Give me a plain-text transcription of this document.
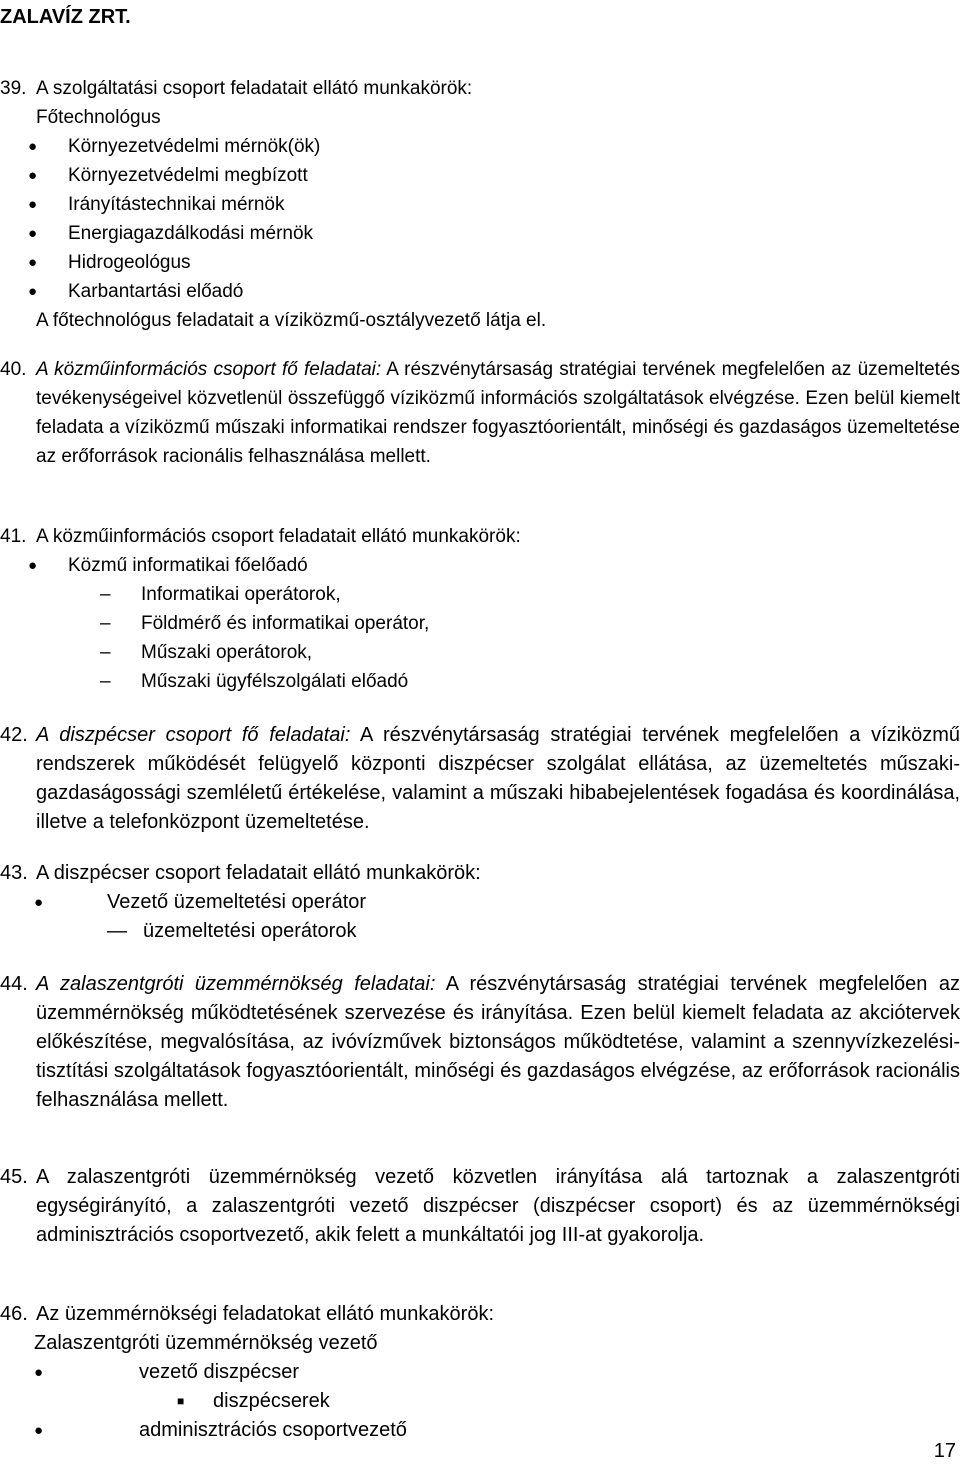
ZALAVÍZ ZRT.
39. A szolgáltatási csoport feladatait ellátó munkakörök:
Főtechnológus
● Környezetvédelmi mérnök(ök)
● Környezetvédelmi megbízott
● Irányítástechnikai mérnök
● Energiagazdálkodási mérnök
● Hidrogeológus
● Karbantartási előadó
A főtechnológus feladatait a víziközmű-osztályvezető látja el.
40. A közműinformációs csoport fő feladatai: A részvénytársaság stratégiai tervének megfelelően az üzemeltetés tevékenységeivel közvetlenül összefüggő víziközmű információs szolgáltatások elvégzése. Ezen belül kiemelt feladata a víziközmű műszaki informatikai rendszer fogyasztóorientált, minőségi és gazdaságos üzemeltetése az erőforrások racionális felhasználása mellett.
41. A közműinformációs csoport feladatait ellátó munkakörök:
● Közmű informatikai főelőadó
– Informatikai operátorok,
– Földmérő és informatikai operátor,
– Műszaki operátorok,
– Műszaki ügyfélszolgálati előadó
42. A diszpécser csoport fő feladatai: A részvénytársaság stratégiai tervének megfelelően a víziközmű rendszerek működését felügyelő központi diszpécser szolgálat ellátása, az üzemeltetés műszaki-gazdaságossági szemléletű értékelése, valamint a műszaki hibabejelentések fogadása és koordinálása, illetve a telefonközpont üzemeltetése.
43. A diszpécser csoport feladatait ellátó munkakörök:
●	Vezető üzemeltetési operátor
— üzemeltetési operátorok
44. A zalaszentgróti üzemmérnökség feladatai: A részvénytársaság stratégiai tervének megfelelően az üzemmérnökség működtetésének szervezése és irányítása. Ezen belül kiemelt feladata az akciótervek előkészítése, megvalósítása, az ivóvízművek biztonságos működtetése, valamint a szennyvízkezelési-tisztítási szolgáltatások fogyasztóorientált, minőségi és gazdaságos elvégzése, az erőforrások racionális felhasználása mellett.
45. A zalaszentgróti üzemmérnökség vezető közvetlen irányítása alá tartoznak a zalaszentgróti egységirányító, a zalaszentgróti vezető diszpécser (diszpécser csoport) és az üzemmérnökségi adminisztrációs csoportvezető, akik felett a munkáltatói jog III-at gyakorolja.
46. Az üzemmérnökségi feladatokat ellátó munkakörök:
Zalaszentgróti üzemmérnökség vezető
●	vezető diszpécser
■ diszpécserek
●	adminisztrációs csoportvezető
17
